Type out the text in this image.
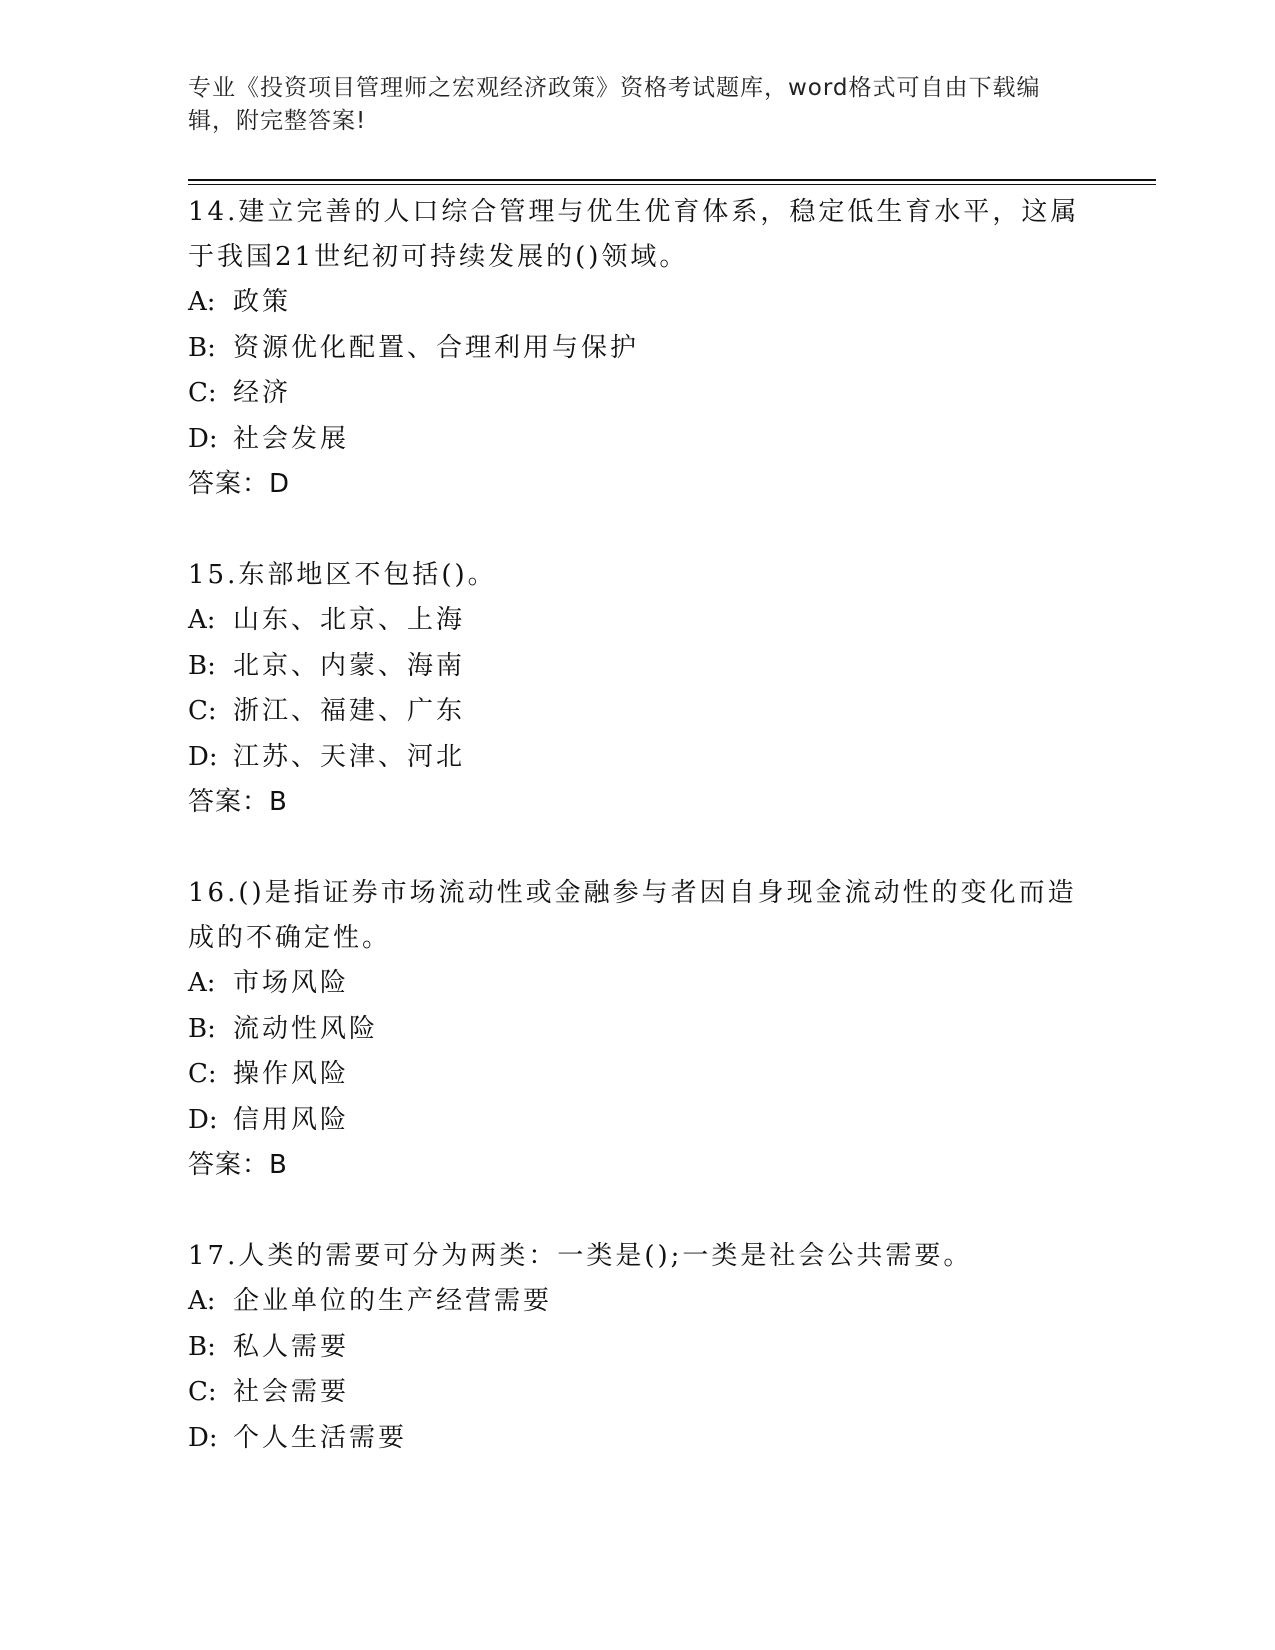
专业《投资项目管理师之宏观经济政策》资格考试题库，word格式可自由下载编辑，附完整答案!

14.建立完善的人口综合管理与优生优育体系，稳定低生育水平，这属于我国21世纪初可持续发展的()领域。

A: 政策

B: 资源优化配置、合理利用与保护

C: 经济

D: 社会发展

答案：D

15.东部地区不包括()。

A: 山东、北京、上海

B: 北京、内蒙、海南

C: 浙江、福建、广东

D: 江苏、天津、河北

答案：B

16.()是指证券市场流动性或金融参与者因自身现金流动性的变化而造成的不确定性。

A: 市场风险

B: 流动性风险

C: 操作风险

D: 信用风险

答案：B

17.人类的需要可分为两类：一类是();一类是社会公共需要。

A: 企业单位的生产经营需要

B: 私人需要

C: 社会需要

D: 个人生活需要
